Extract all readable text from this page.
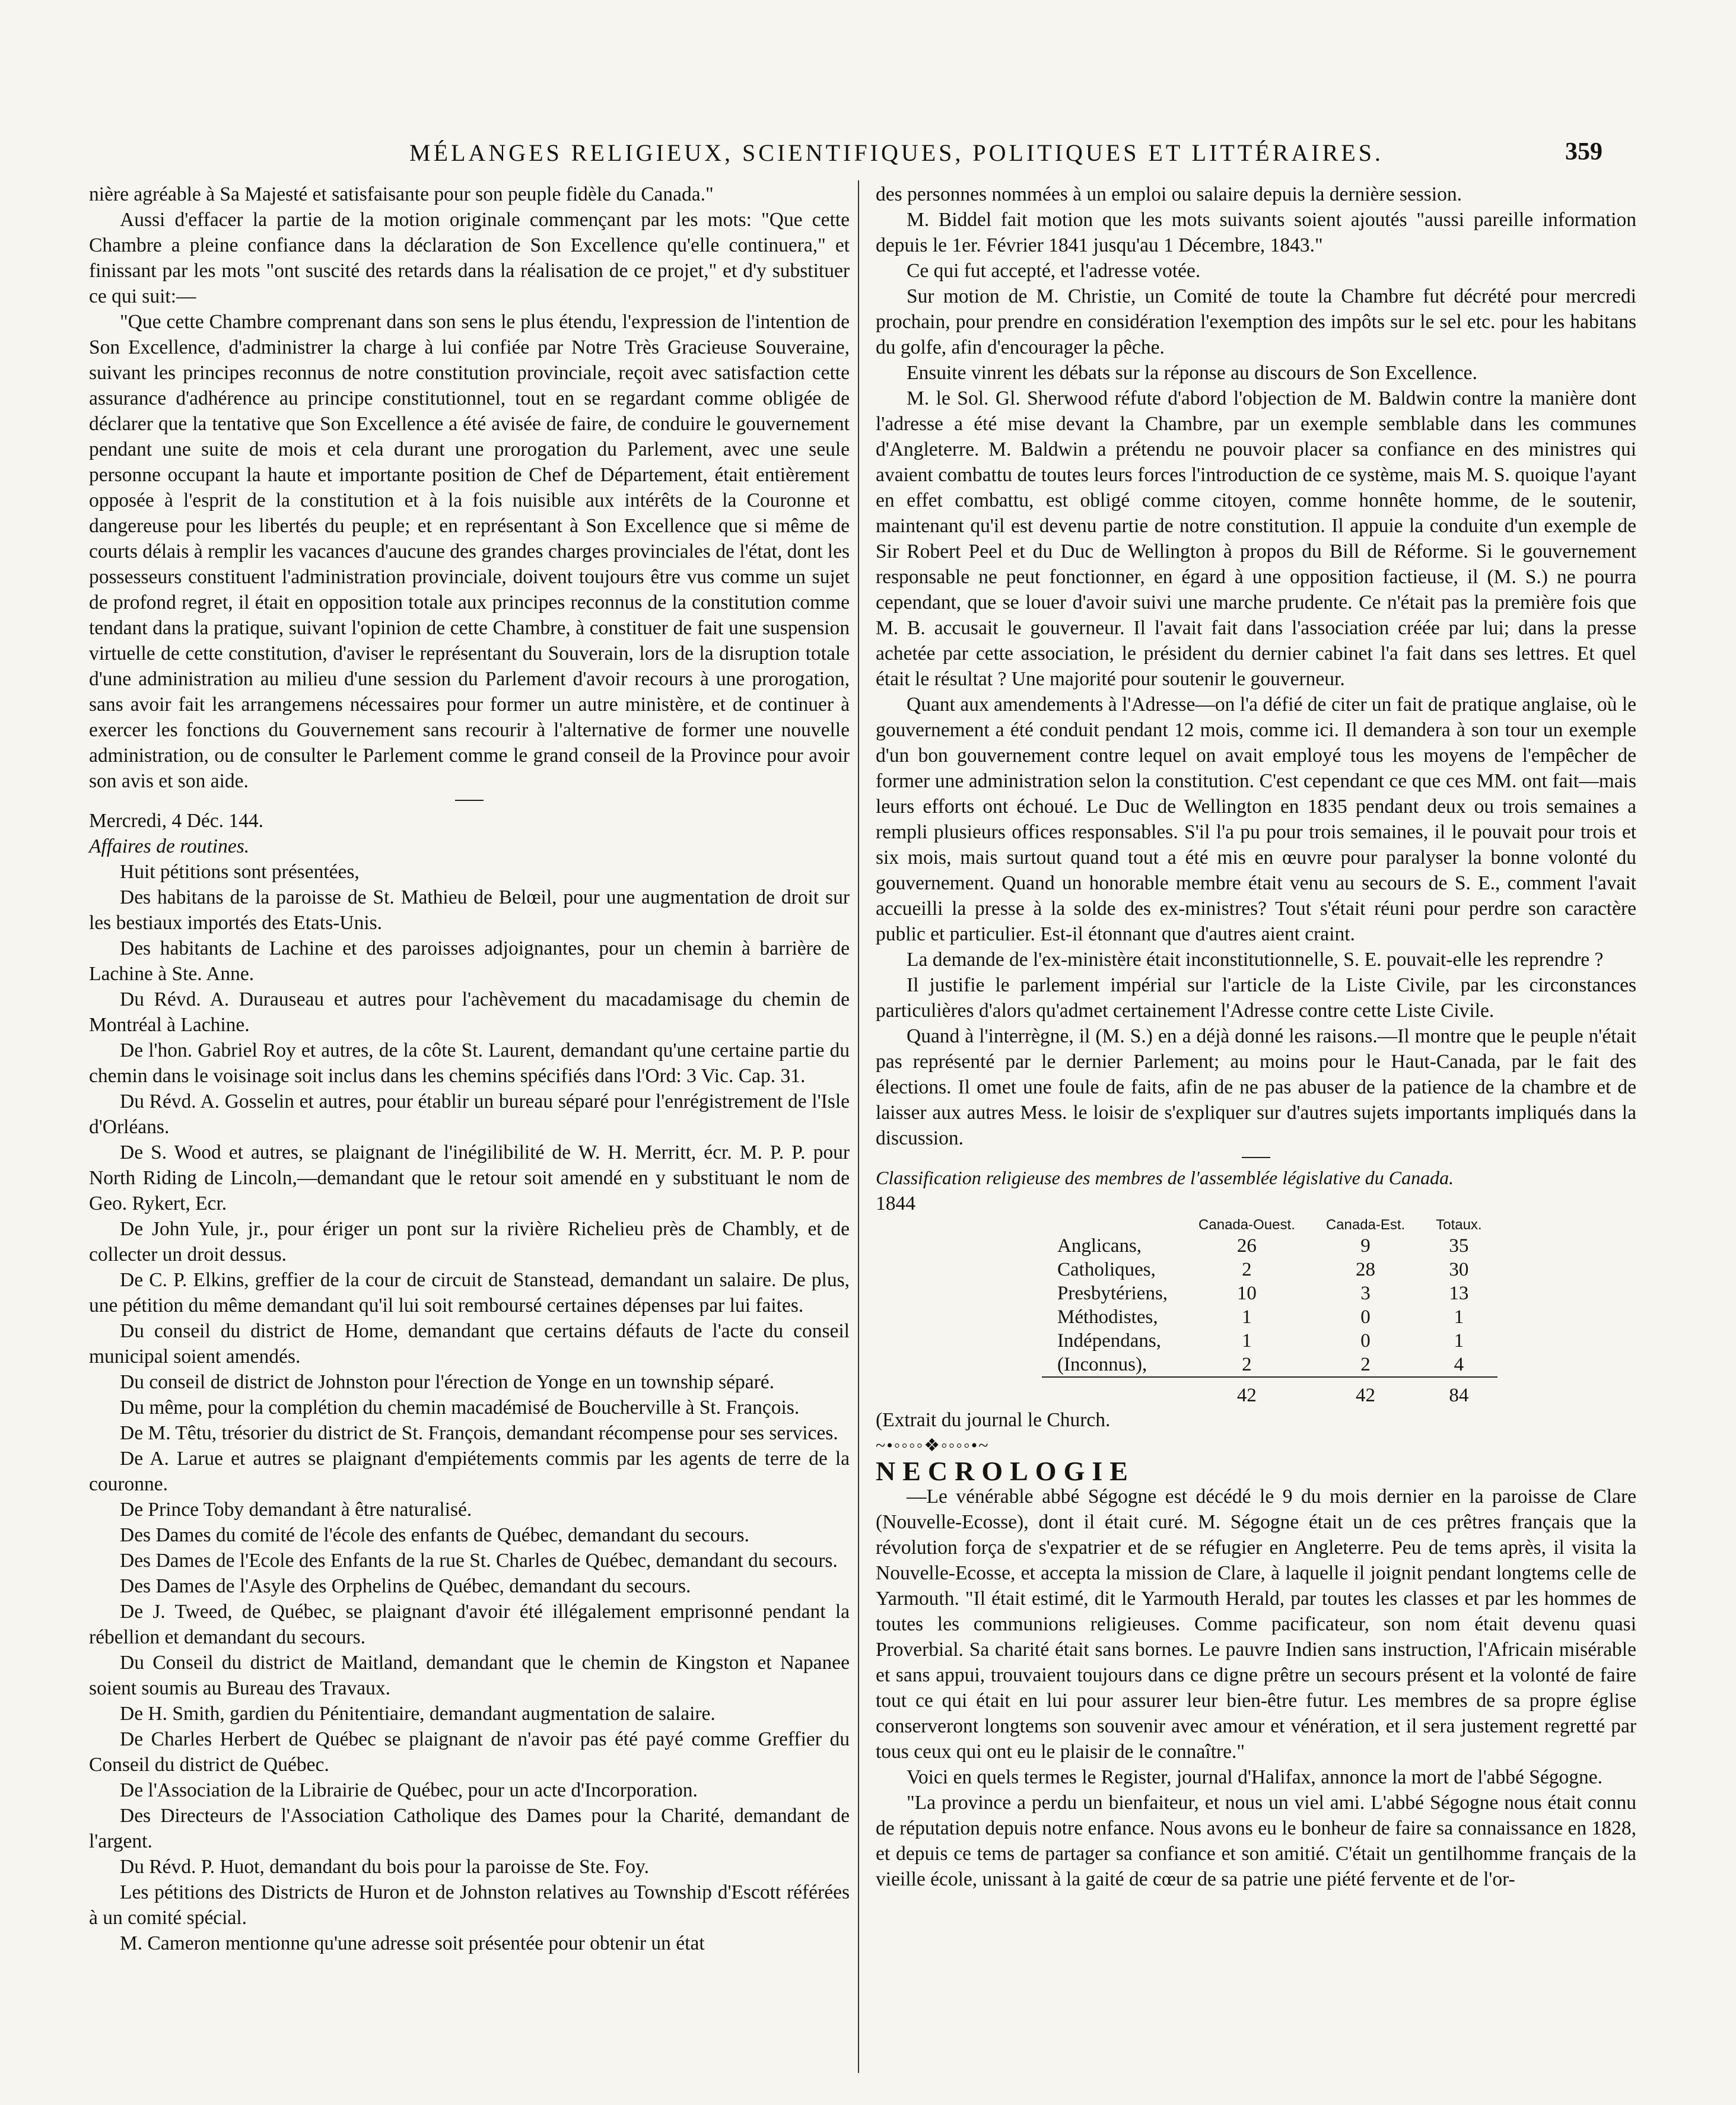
MÉLANGES RELIGIEUX, SCIENTIFIQUES, POLITIQUES ET LITTÉRAIRES.	359

nière agréable à Sa Majesté et satisfaisante pour son peuple fidèle du Canada."

Aussi d'effacer la partie de la motion originale commençant par les mots: "Que cette Chambre a pleine confiance dans la déclaration de Son Excellence qu'elle continuera," et finissant par les mots "ont suscité des retards dans la réalisation de ce projet," et d'y substituer ce qui suit:—

"Que cette Chambre comprenant dans son sens le plus étendu, l'expression de l'intention de Son Excellence, d'administrer la charge à lui confiée par Notre Très Gracieuse Souveraine, suivant les principes reconnus de notre constitution provinciale, reçoit avec satisfaction cette assurance d'adhérence au principe constitutionnel, tout en se regardant comme obligée de déclarer que la tentative que Son Excellence a été avisée de faire, de conduire le gouvernement pendant une suite de mois et cela durant une prorogation du Parlement, avec une seule personne occupant la haute et importante position de Chef de Département, était entièrement opposée à l'esprit de la constitution et à la fois nuisible aux intérêts de la Couronne et dangereuse pour les libertés du peuple; et en représentant à Son Excellence que si même de courts délais à remplir les vacances d'aucune des grandes charges provinciales de l'état, dont les possesseurs constituent l'administration provinciale, doivent toujours être vus comme un sujet de profond regret, il était en opposition totale aux principes reconnus de la constitution comme tendant dans la pratique, suivant l'opinion de cette Chambre, à constituer de fait une suspension virtuelle de cette constitution, d'aviser le représentant du Souverain, lors de la disruption totale d'une administration au milieu d'une session du Parlement d'avoir recours à une prorogation, sans avoir fait les arrangemens nécessaires pour former un autre ministère, et de continuer à exercer les fonctions du Gouvernement sans recourir à l'alternative de former une nouvelle administration, ou de consulter le Parlement comme le grand conseil de la Province pour avoir son avis et son aide.

Mercredi, 4 Déc. 144.

Affaires de routines.

Huit pétitions sont présentées,

Des habitans de la paroisse de St. Mathieu de Belœil, pour une augmentation de droit sur les bestiaux importés des Etats-Unis.

Des habitants de Lachine et des paroisses adjoignantes, pour un chemin à barrière de Lachine à Ste. Anne.

Du Révd. A. Durauseau et autres pour l'achèvement du macadamisage du chemin de Montréal à Lachine.

De l'hon. Gabriel Roy et autres, de la côte St. Laurent, demandant qu'une certaine partie du chemin dans le voisinage soit inclus dans les chemins spécifiés dans l'Ord: 3 Vic. Cap. 31.

Du Révd. A. Gosselin et autres, pour établir un bureau séparé pour l'enrégistrement de l'Isle d'Orléans.

De S. Wood et autres, se plaignant de l'inégilibilité de W. H. Merritt, écr. M. P. P. pour North Riding de Lincoln,—demandant que le retour soit amendé en y substituant le nom de Geo. Rykert, Ecr.

De John Yule, jr., pour ériger un pont sur la rivière Richelieu près de Chambly, et de collecter un droit dessus.

De C. P. Elkins, greffier de la cour de circuit de Stanstead, demandant un salaire. De plus, une pétition du même demandant qu'il lui soit remboursé certaines dépenses par lui faites.

Du conseil du district de Home, demandant que certains défauts de l'acte du conseil municipal soient amendés.

Du conseil de district de Johnston pour l'érection de Yonge en un township séparé.

Du même, pour la complétion du chemin macadémisé de Boucherville à St. François.

De M. Têtu, trésorier du district de St. François, demandant récompense pour ses services.

De A. Larue et autres se plaignant d'empiétements commis par les agents de terre de la couronne.

De Prince Toby demandant à être naturalisé.

Des Dames du comité de l'école des enfants de Québec, demandant du secours.

Des Dames de l'Ecole des Enfants de la rue St. Charles de Québec, demandant du secours.

Des Dames de l'Asyle des Orphelins de Québec, demandant du secours.

De J. Tweed, de Québec, se plaignant d'avoir été illégalement emprisonné pendant la rébellion et demandant du secours.

Du Conseil du district de Maitland, demandant que le chemin de Kingston et Napanee soient soumis au Bureau des Travaux.

De H. Smith, gardien du Pénitentiaire, demandant augmentation de salaire.

De Charles Herbert de Québec se plaignant de n'avoir pas été payé comme Greffier du Conseil du district de Québec.

De l'Association de la Librairie de Québec, pour un acte d'Incorporation.

Des Directeurs de l'Association Catholique des Dames pour la Charité, demandant de l'argent.

Du Révd. P. Huot, demandant du bois pour la paroisse de Ste. Foy.

Les pétitions des Districts de Huron et de Johnston relatives au Township d'Escott référées à un comité spécial.

M. Cameron mentionne qu'une adresse soit présentée pour obtenir un état

des personnes nommées à un emploi ou salaire depuis la dernière session.

M. Biddel fait motion que les mots suivants soient ajoutés "aussi pareille information depuis le 1er. Février 1841 jusqu'au 1 Décembre, 1843."

Ce qui fut accepté, et l'adresse votée.

Sur motion de M. Christie, un Comité de toute la Chambre fut décrété pour mercredi prochain, pour prendre en considération l'exemption des impôts sur le sel etc. pour les habitans du golfe, afin d'encourager la pêche.

Ensuite vinrent les débats sur la réponse au discours de Son Excellence.

M. le Sol. Gl. Sherwood réfute d'abord l'objection de M. Baldwin contre la manière dont l'adresse a été mise devant la Chambre, par un exemple semblable dans les communes d'Angleterre. M. Baldwin a prétendu ne pouvoir placer sa confiance en des ministres qui avaient combattu de toutes leurs forces l'introduction de ce système, mais M. S. quoique l'ayant en effet combattu, est obligé comme citoyen, comme honnête homme, de le soutenir, maintenant qu'il est devenu partie de notre constitution. Il appuie la conduite d'un exemple de Sir Robert Peel et du Duc de Wellington à propos du Bill de Réforme. Si le gouvernement responsable ne peut fonctionner, en égard à une opposition factieuse, il (M. S.) ne pourra cependant, que se louer d'avoir suivi une marche prudente. Ce n'était pas la première fois que M. B. accusait le gouverneur. Il l'avait fait dans l'association créée par lui; dans la presse achetée par cette association, le président du dernier cabinet l'a fait dans ses lettres. Et quel était le résultat ? Une majorité pour soutenir le gouverneur.

Quant aux amendements à l'Adresse—on l'a défié de citer un fait de pratique anglaise, où le gouvernement a été conduit pendant 12 mois, comme ici. Il demandera à son tour un exemple d'un bon gouvernement contre lequel on avait employé tous les moyens de l'empêcher de former une administration selon la constitution. C'est cependant ce que ces MM. ont fait—mais leurs efforts ont échoué. Le Duc de Wellington en 1835 pendant deux ou trois semaines a rempli plusieurs offices responsables. S'il l'a pu pour trois semaines, il le pouvait pour trois et six mois, mais surtout quand tout a été mis en œuvre pour paralyser la bonne volonté du gouvernement. Quand un honorable membre était venu au secours de S. E., comment l'avait accueilli la presse à la solde des ex-ministres? Tout s'était réuni pour perdre son caractère public et particulier. Est-il étonnant que d'autres aient craint.

La demande de l'ex-ministère était inconstitutionnelle, S. E. pouvait-elle les reprendre ?

Il justifie le parlement impérial sur l'article de la Liste Civile, par les circonstances particulières d'alors qu'admet certainement l'Adresse contre cette Liste Civile.

Quand à l'interrègne, il (M. S.) en a déjà donné les raisons.—Il montre que le peuple n'était pas représenté par le dernier Parlement; au moins pour le Haut-Canada, par le fait des élections. Il omet une foule de faits, afin de ne pas abuser de la patience de la chambre et de laisser aux autres Mess. le loisir de s'expliquer sur d'autres sujets importants impliqués dans la discussion.

Classification religieuse des membres de l'assemblée législative du Canada.

1844

	Canada-Ouest.	Canada-Est.	Totaux.
Anglicans,	26	9	35
Catholiques,	2	28	30
Presbytériens,	10	3	13
Méthodistes,	1	0	1
Indépendans,	1	0	1
(Inconnus),	2	2	4
	42	42	84

(Extrait du journal le Church.

~•◦◦◦◦❖◦◦◦◦•~

NECROLOGIE

—Le vénérable abbé Ségogne est décédé le 9 du mois dernier en la paroisse de Clare (Nouvelle-Ecosse), dont il était curé. M. Ségogne était un de ces prêtres français que la révolution força de s'expatrier et de se réfugier en Angleterre. Peu de tems après, il visita la Nouvelle-Ecosse, et accepta la mission de Clare, à laquelle il joignit pendant longtems celle de Yarmouth. "Il était estimé, dit le Yarmouth Herald, par toutes les classes et par les hommes de toutes les communions religieuses. Comme pacificateur, son nom était devenu quasi Proverbial. Sa charité était sans bornes. Le pauvre Indien sans instruction, l'Africain misérable et sans appui, trouvaient toujours dans ce digne prêtre un secours présent et la volonté de faire tout ce qui était en lui pour assurer leur bien-être futur. Les membres de sa propre église conserveront longtems son souvenir avec amour et vénération, et il sera justement regretté par tous ceux qui ont eu le plaisir de le connaître."

Voici en quels termes le Register, journal d'Halifax, annonce la mort de l'abbé Ségogne.

"La province a perdu un bienfaiteur, et nous un viel ami. L'abbé Ségogne nous était connu de réputation depuis notre enfance. Nous avons eu le bonheur de faire sa connaissance en 1828, et depuis ce tems de partager sa confiance et son amitié. C'était un gentilhomme français de la vieille école, unissant à la gaité de cœur de sa patrie une piété fervente et de l'or-
